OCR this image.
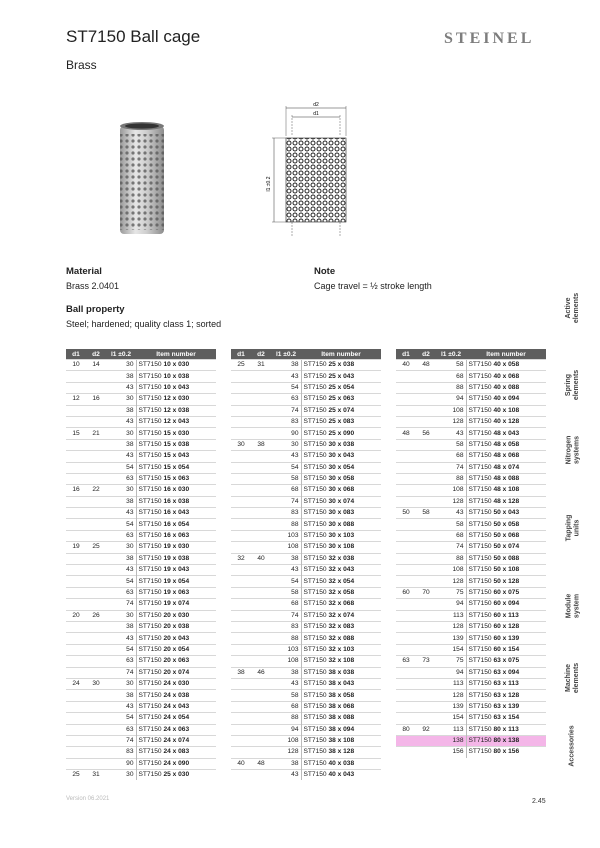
ST7150 Ball cage
Brass
STEINEL
d2
d1
l1 ±0.2
Material
Brass 2.0401
Note
Cage travel = ½ stroke length
Ball property
Steel; hardened; quality class 1; sorted
Active
elements
Spring
elements
Nitrogen
systems
Tapping
units
Module
system
Machine
elements
Accessories
d1	d2	l1 ±0.2	Item number
10	14	30	ST7150 10 x 030
		38	ST7150 10 x 038
		43	ST7150 10 x 043
12	16	30	ST7150 12 x 030
		38	ST7150 12 x 038
		43	ST7150 12 x 043
15	21	30	ST7150 15 x 030
		38	ST7150 15 x 038
		43	ST7150 15 x 043
		54	ST7150 15 x 054
		63	ST7150 15 x 063
16	22	30	ST7150 16 x 030
		38	ST7150 16 x 038
		43	ST7150 16 x 043
		54	ST7150 16 x 054
		63	ST7150 16 x 063
19	25	30	ST7150 19 x 030
		38	ST7150 19 x 038
		43	ST7150 19 x 043
		54	ST7150 19 x 054
		63	ST7150 19 x 063
		74	ST7150 19 x 074
20	26	30	ST7150 20 x 030
		38	ST7150 20 x 038
		43	ST7150 20 x 043
		54	ST7150 20 x 054
		63	ST7150 20 x 063
		74	ST7150 20 x 074
24	30	30	ST7150 24 x 030
		38	ST7150 24 x 038
		43	ST7150 24 x 043
		54	ST7150 24 x 054
		63	ST7150 24 x 063
		74	ST7150 24 x 074
		83	ST7150 24 x 083
		90	ST7150 24 x 090
25	31	30	ST7150 25 x 030
d1	d2	l1 ±0.2	Item number
25	31	38	ST7150 25 x 038
		43	ST7150 25 x 043
		54	ST7150 25 x 054
		63	ST7150 25 x 063
		74	ST7150 25 x 074
		83	ST7150 25 x 083
		90	ST7150 25 x 090
30	38	30	ST7150 30 x 038
		43	ST7150 30 x 043
		54	ST7150 30 x 054
		58	ST7150 30 x 058
		68	ST7150 30 x 068
		74	ST7150 30 x 074
		83	ST7150 30 x 083
		88	ST7150 30 x 088
		103	ST7150 30 x 103
		108	ST7150 30 x 108
32	40	38	ST7150 32 x 038
		43	ST7150 32 x 043
		54	ST7150 32 x 054
		58	ST7150 32 x 058
		68	ST7150 32 x 068
		74	ST7150 32 x 074
		83	ST7150 32 x 083
		88	ST7150 32 x 088
		103	ST7150 32 x 103
		108	ST7150 32 x 108
38	46	38	ST7150 38 x 038
		43	ST7150 38 x 043
		58	ST7150 38 x 058
		68	ST7150 38 x 068
		88	ST7150 38 x 088
		94	ST7150 38 x 094
		108	ST7150 38 x 108
		128	ST7150 38 x 128
40	48	38	ST7150 40 x 038
		43	ST7150 40 x 043
d1	d2	l1 ±0.2	Item number
40	48	58	ST7150 40 x 058
		68	ST7150 40 x 068
		88	ST7150 40 x 088
		94	ST7150 40 x 094
		108	ST7150 40 x 108
		128	ST7150 40 x 128
48	56	43	ST7150 48 x 043
		58	ST7150 48 x 058
		68	ST7150 48 x 068
		74	ST7150 48 x 074
		88	ST7150 48 x 088
		108	ST7150 48 x 108
		128	ST7150 48 x 128
50	58	43	ST7150 50 x 043
		58	ST7150 50 x 058
		68	ST7150 50 x 068
		74	ST7150 50 x 074
		88	ST7150 50 x 088
		108	ST7150 50 x 108
		128	ST7150 50 x 128
60	70	75	ST7150 60 x 075
		94	ST7150 60 x 094
		113	ST7150 60 x 113
		128	ST7150 60 x 128
		139	ST7150 60 x 139
		154	ST7150 60 x 154
63	73	75	ST7150 63 x 075
		94	ST7150 63 x 094
		113	ST7150 63 x 113
		128	ST7150 63 x 128
		139	ST7150 63 x 139
		154	ST7150 63 x 154
80	92	113	ST7150 80 x 113
		138	ST7150 80 x 138
		156	ST7150 80 x 156
Version 06.2021	2.45
